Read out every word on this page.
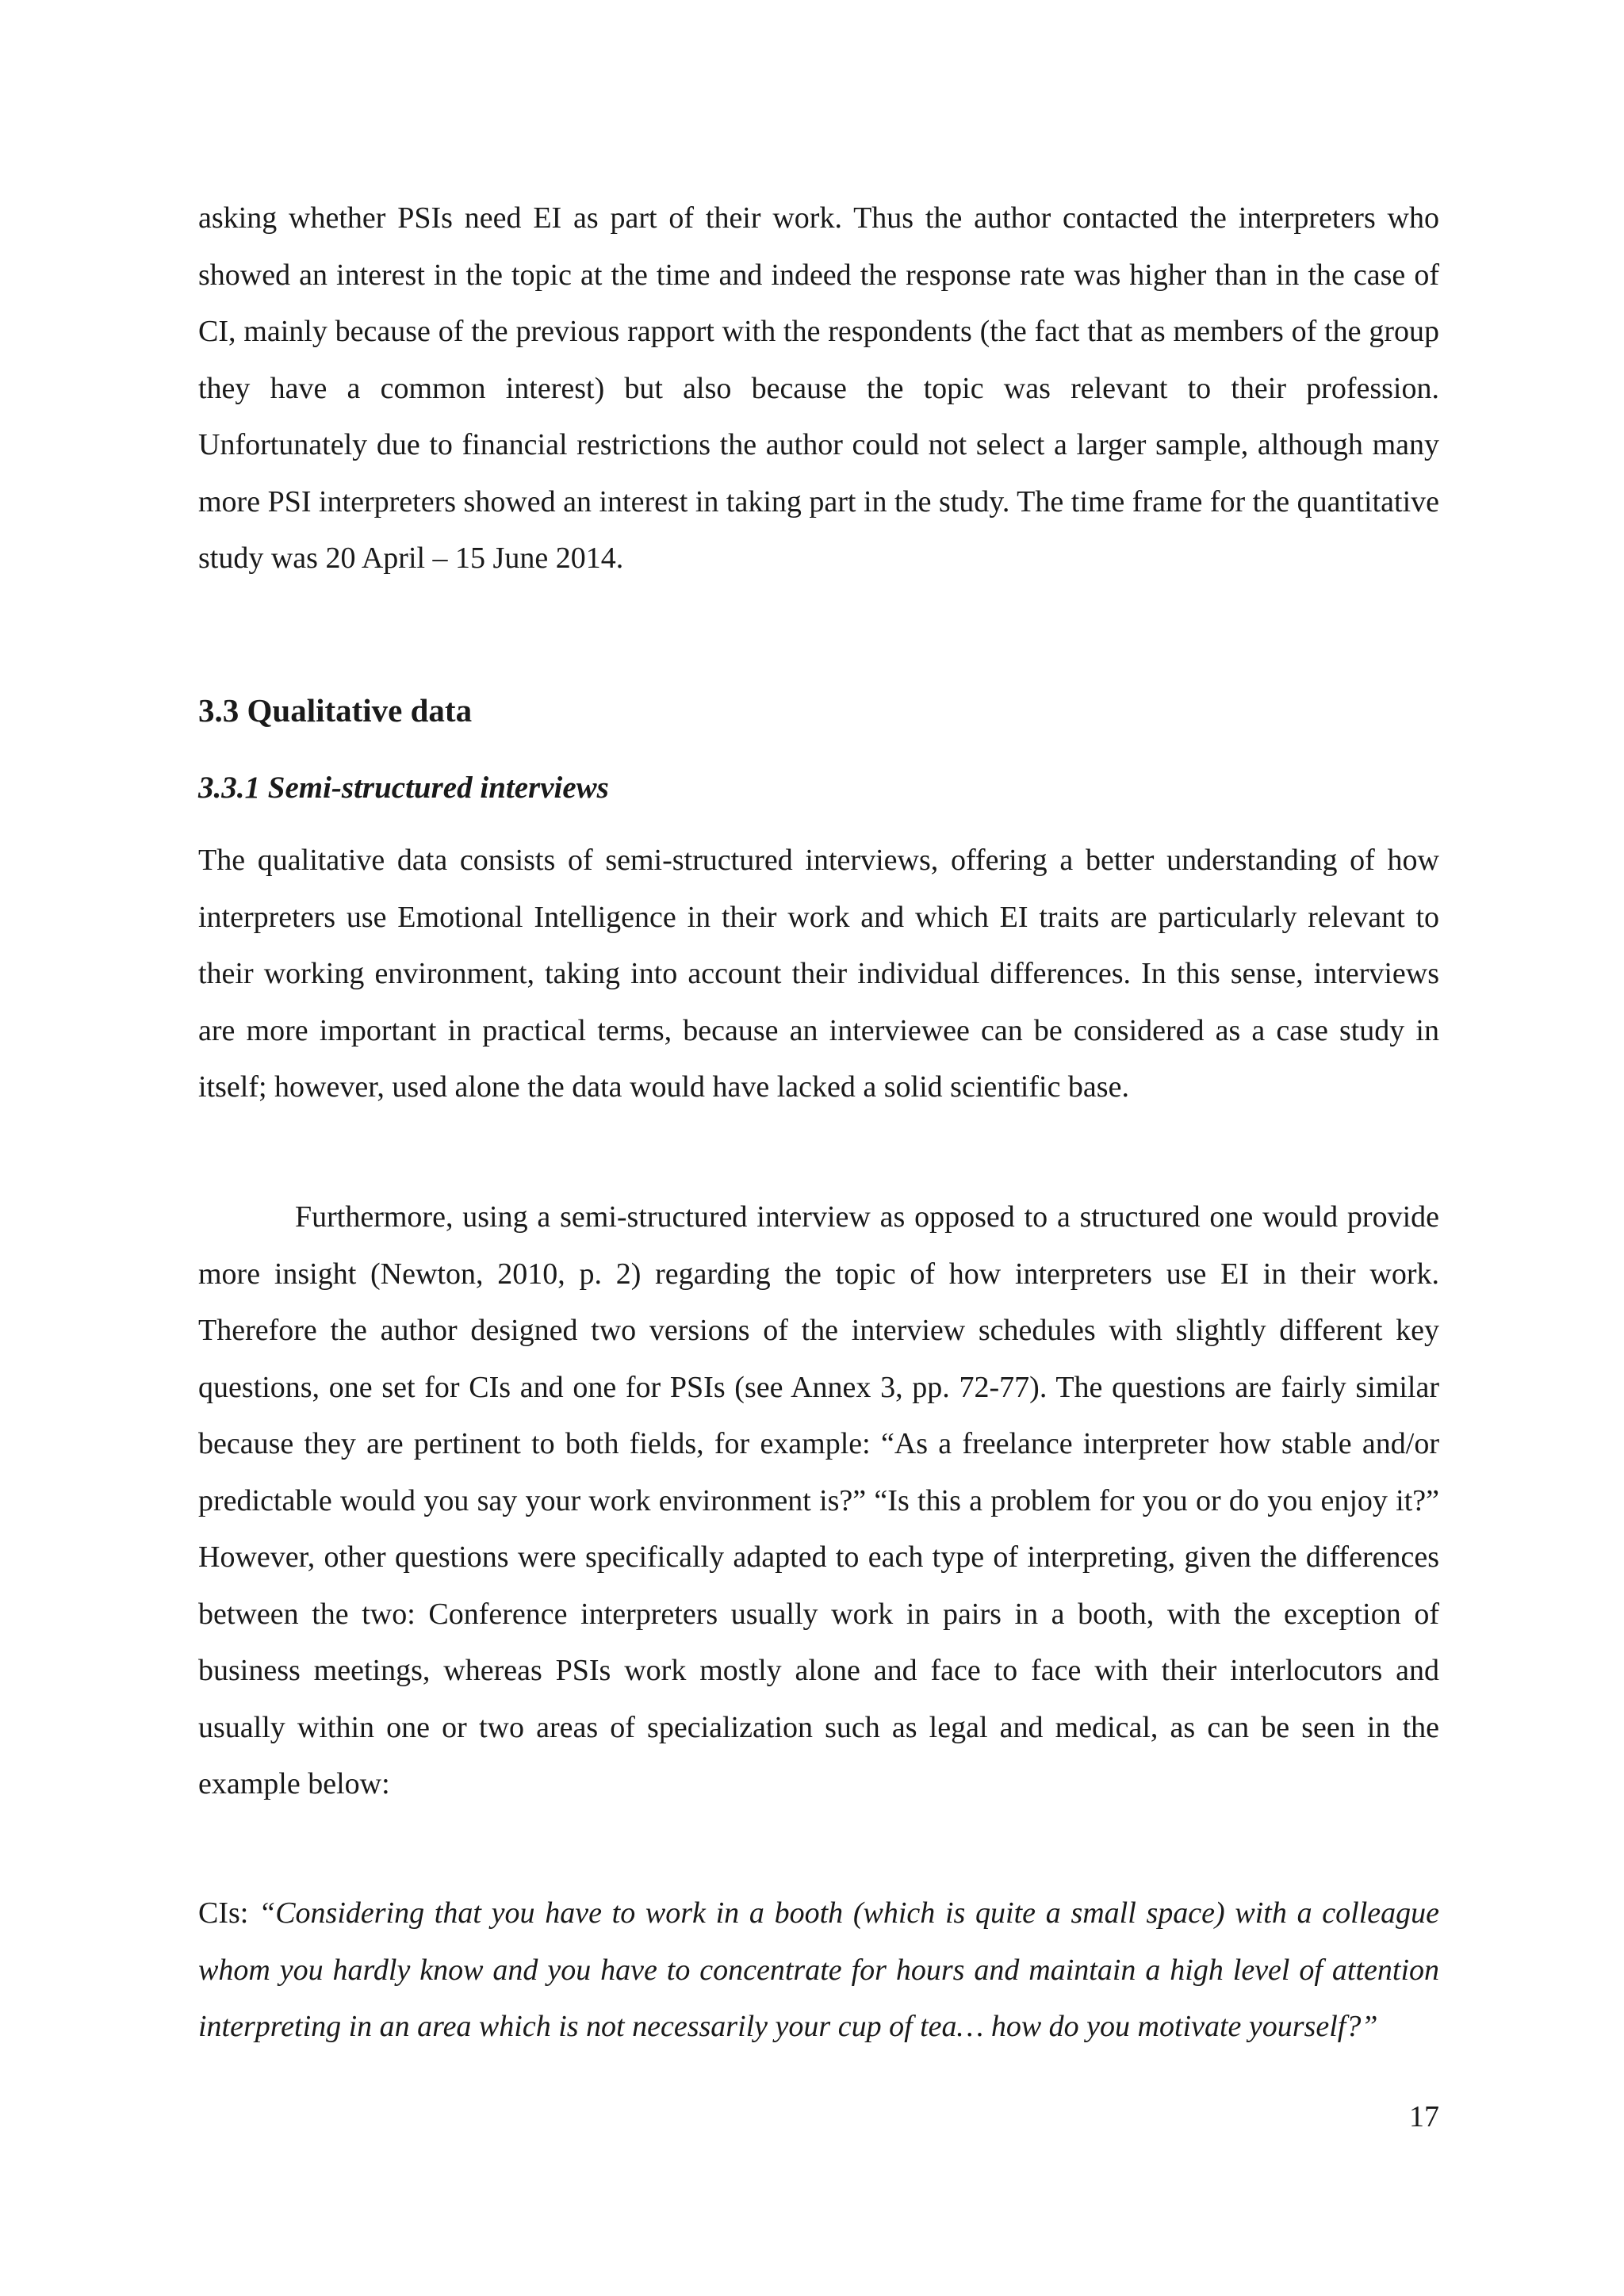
asking whether PSIs need EI as part of their work. Thus the author contacted the interpreters who showed an interest in the topic at the time and indeed the response rate was higher than in the case of CI, mainly because of the previous rapport with the respondents (the fact that as members of the group they have a common interest) but also because the topic was relevant to their profession. Unfortunately due to financial restrictions the author could not select a larger sample, although many more PSI interpreters showed an interest in taking part in the study. The time frame for the quantitative study was 20 April – 15 June 2014.

3.3 Qualitative data
3.3.1 Semi-structured interviews

The qualitative data consists of semi-structured interviews, offering a better understanding of how interpreters use Emotional Intelligence in their work and which EI traits are particularly relevant to their working environment, taking into account their individual differences. In this sense, interviews are more important in practical terms, because an interviewee can be considered as a case study in itself; however, used alone the data would have lacked a solid scientific base.

Furthermore, using a semi-structured interview as opposed to a structured one would provide more insight (Newton, 2010, p. 2) regarding the topic of how interpreters use EI in their work. Therefore the author designed two versions of the interview schedules with slightly different key questions, one set for CIs and one for PSIs (see Annex 3, pp. 72-77). The questions are fairly similar because they are pertinent to both fields, for example: “As a freelance interpreter how stable and/or predictable would you say your work environment is?” “Is this a problem for you or do you enjoy it?” However, other questions were specifically adapted to each type of interpreting, given the differences between the two: Conference interpreters usually work in pairs in a booth, with the exception of business meetings, whereas PSIs work mostly alone and face to face with their interlocutors and usually within one or two areas of specialization such as legal and medical, as can be seen in the example below:

CIs: “Considering that you have to work in a booth (which is quite a small space) with a colleague whom you hardly know and you have to concentrate for hours and maintain a high level of attention interpreting in an area which is not necessarily your cup of tea… how do you motivate yourself?”

17
